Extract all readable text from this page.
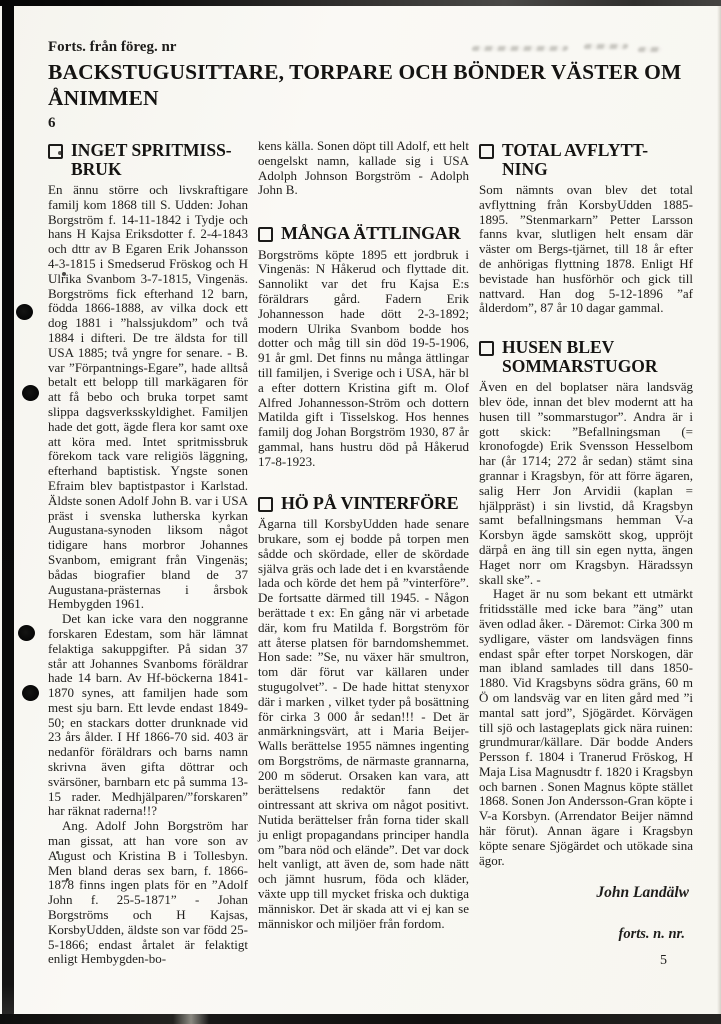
Forts. från föreg. nr
BACKSTUGUSITTARE, TORPARE OCH BÖNDER VÄSTER OM ÅNIMMEN
6
INGET SPRITMISS-BRUK

En ännu större och livskraftigare familj kom 1868 till S. Udden: Johan Borgström f. 14-11-1842 i Tydje och hans H Kajsa Eriksdotter f. 2-4-1843 och dttr av B Egaren Erik Johansson 4-3-1815 i Smedserud Fröskog och H Ulrika Svanbom 3-7-1815, Vingenäs. Borgströms fick efterhand 12 barn, födda 1866-1888, av vilka dock ett dog 1881 i ”halssjukdom” och två 1884 i difteri. De tre äldsta for till USA 1885; två yngre for senare. - B. var ”Förpantnings-Egare”, hade alltså betalt ett belopp till markägaren för att få bebo och bruka torpet samt slippa dagsverksskyldighet. Familjen hade det gott, ägde flera kor samt oxe att köra med. Intet spritmissbruk förekom tack vare religiös läggning, efterhand baptistisk. Yngste sonen Efraim blev baptistpastor i Karlstad. Äldste sonen Adolf John B. var i USA präst i svenska lutherska kyrkan Augustana-synoden liksom något tidigare hans morbror Johannes Svanbom, emigrant från Vingenäs; bådas biografier bland de 37 Augustana-prästernas i årsbok Hembygden 1961.

Det kan icke vara den noggranne forskaren Edestam, som här lämnat felaktiga sakuppgifter. På sidan 37 står att Johannes Svanboms föräldrar hade 14 barn. Av Hf-böckerna 1841-1870 synes, att familjen hade som mest sju barn. Ett levde endast 1849-50; en stackars dotter drunknade vid 23 års ålder. I Hf 1866-70 sid. 403 är nedanför föräldrars och barns namn skrivna även gifta döttrar och svärsöner, barnbarn etc på summa 13-15 rader. Medhjälparen/”forskaren” har räknat raderna!!?

Ang. Adolf John Borgström har man gissat, att han vore son av August och Kristina B i Tollesbyn. Men bland deras sex barn, f. 1866-1878 finns ingen plats för en ”Adolf John f. 25-5-1871” - Johan Borgströms och H Kajsas, KorsbyUdden, äldste son var född 25-5-1866; endast årtalet är felaktigt enligt Hembygden-bo-

kens källa. Sonen döpt till Adolf, ett helt oengelskt namn, kallade sig i USA Adolph Johnson Borgström - Adolph John B.

MÅNGA ÄTTLINGAR

Borgströms köpte 1895 ett jordbruk i Vingenäs: N Håkerud och flyttade dit. Sannolikt var det fru Kajsa E:s föräldrars gård. Fadern Erik Johannesson hade dött 2-3-1892; modern Ulrika Svanbom bodde hos dotter och måg till sin död 19-5-1906, 91 år gml. Det finns nu många ättlingar till familjen, i Sverige och i USA, här bl a efter dottern Kristina gift m. Olof Alfred Johannesson-Ström och dottern Matilda gift i Tisselskog. Hos hennes familj dog Johan Borgström 1930, 87 år gammal, hans hustru död på Håkerud 17-8-1923.

HÖ PÅ VINTERFÖRE

Ägarna till KorsbyUdden hade senare brukare, som ej bodde på torpen men sådde och skördade, eller de skördade själva gräs och lade det i en kvarstående lada och körde det hem på ”vinterföre”. De fortsatte därmed till 1945. - Någon berättade t ex: En gång när vi arbetade där, kom fru Matilda f. Borgström för att återse platsen för barndomshemmet. Hon sade: ”Se, nu växer här smultron, tom där förut var källaren under stugugolvet”. - De hade hittat stenyxor där i marken , vilket tyder på bosättning för cirka 3 000 år sedan!!! - Det är anmärkningsvärt, att i Maria Beijer-Walls berättelse 1955 nämnes ingenting om Borgströms, de närmaste grannarna, 200 m söderut. Orsaken kan vara, att berättelsens redaktör fann det ointressant att skriva om något positivt. Nutida berättelser från forna tider skall ju enligt propagandans principer handla om ”bara nöd och elände”. Det var dock helt vanligt, att även de, som hade nätt och jämnt husrum, föda och kläder, växte upp till mycket friska och duktiga människor. Det är skada att vi ej kan se människor och miljöer från fordom.

TOTAL AVFLYTT-NING

Som nämnts ovan blev det total avflyttning från KorsbyUdden 1885-1895. ”Stenmarkarn” Petter Larsson fanns kvar, slutligen helt ensam där väster om Bergs-tjärnet, till 18 år efter de anhörigas flyttning 1878. Enligt Hf bevistade han husförhör och gick till nattvard. Han dog 5-12-1896 ”af ålderdom”, 87 år 10 dagar gammal.

HUSEN BLEV SOMMARSTUGOR

Även en del boplatser nära landsväg blev öde, innan det blev modernt att ha husen till ”sommarstugor”. Andra är i gott skick: ”Befallningsman (= kronofogde) Erik Svensson Hesselbom har (år 1714; 272 år sedan) stämt sina grannar i Kragsbyn, för att förre ägaren, salig Herr Jon Arvidii (kaplan = hjälppräst) i sin livstid, då Kragsbyn samt befallningsmans hemman V-a Korsbyn ägde samskött skog, uppröjt därpå en äng till sin egen nytta, ängen Haget norr om Kragsbyn. Häradssyn skall ske”. -

Haget är nu som bekant ett utmärkt fritidsställe med icke bara ”äng” utan även odlad åker. - Däremot: Cirka 300 m sydligare, väster om landsvägen finns endast spår efter torpet Norskogen, där man ibland samlades till dans 1850-1880. Vid Kragsbyns södra gräns, 60 m Ö om landsväg var en liten gård med ”i mantal satt jord”, Sjögärdet. Körvägen till sjö och lastageplats gick nära ruinen: grundmurar/källare. Där bodde Anders Persson f. 1804 i Tranerud Fröskog, H Maja Lisa Magnusdtr f. 1820 i Kragsbyn och barnen . Sonen Magnus köpte stället 1868. Sonen Jon Andersson-Gran köpte i V-a Korsbyn. (Arrendator Beijer nämnd här förut). Annan ägare i Kragsbyn köpte senare Sjögärdet och utökade sina ägor.

John Landälw
forts. n. nr.
5
